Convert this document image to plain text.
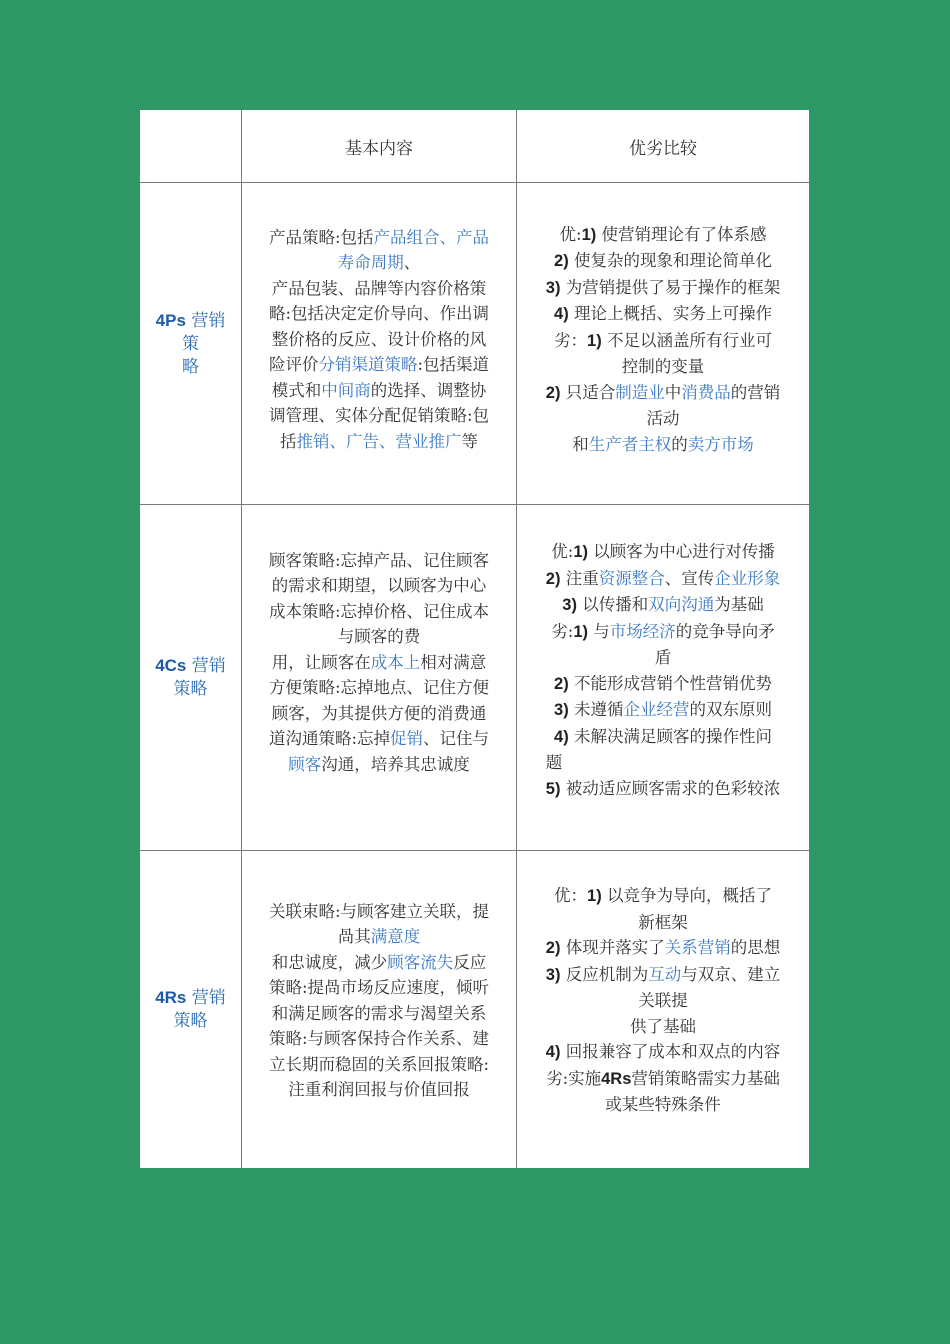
基本内容	优劣比较
4Ps 营销
策
略
产品策略:包括产品组合、产品
寿命周期、
产品包装、品牌等内容价格策
略:包括决定定价导向、作出调
整价格的反应、设计价格的风
险评价分销渠道策略:包括渠道
模式和中间商的选择、调整协
调管理、实体分配促销策略:包
括推销、广告、营业推广等
优:1) 使营销理论有了体系感
2) 使复杂的现象和理论简单化
3) 为营销提供了易于操作的框架
4) 理论上概括、实务上可操作
劣：1) 不足以涵盖所有行业可
控制的变量
2) 只适合制造业中消费品的营销
活动
和生产者主权的卖方市场
4Cs 营销
策略
顾客策略:忘掉产品、记住顾客
的需求和期望，以顾客为中心
成本策略:忘掉价格、记住成本
与顾客的费
用，让顾客在成本上相对满意
方便策略:忘掉地点、记住方便
顾客，为其提供方便的消费通
道沟通策略:忘掉促销、记住与
顾客沟通，培养其忠诚度
优:1) 以顾客为中心进行对传播
2) 注重资源整合、宣传企业形象
3) 以传播和双向沟通为基础
劣:1) 与市场经济的竞争导向矛
盾
2) 不能形成营销个性营销优势
3) 未遵循企业经营的双东原则
4) 未解决满足顾客的操作性问
题
5) 被动适应顾客需求的色彩较浓
4Rs 营销
策略
关联束略:与顾客建立关联，提
咼其满意度
和忠诚度，减少顾客流失反应
策略:提咼市场反应速度，倾听
和满足顾客的需求与渴望关系
策略:与顾客保持合作关系、建
立长期而稳固的关系回报策略:
注重利润回报与价值回报
优：1) 以竞争为导向，概括了
新框架
2) 体现并落实了关系营销的思想
3) 反应机制为互动与双京、建立
关联提
供了基础
4) 回报兼容了成本和双点的内容
劣:实施4Rs营销策略需实力基础
或某些特殊条件
